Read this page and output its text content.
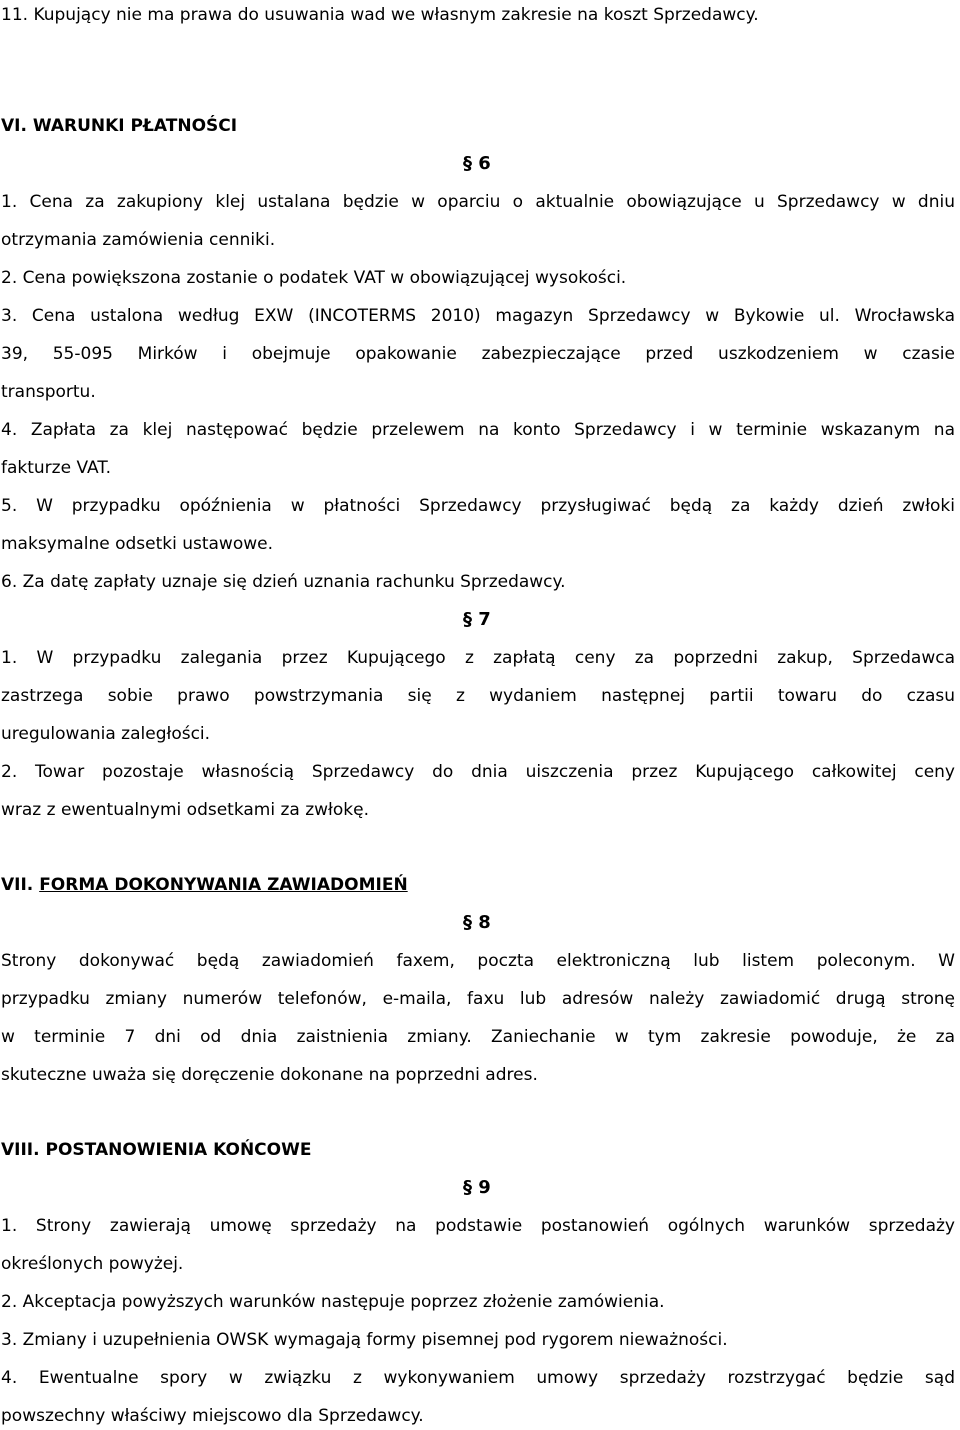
11. Kupujący nie ma prawa do usuwania wad we własnym zakresie na koszt Sprzedawcy.
VI. WARUNKI PŁATNOŚCI
§ 6
1. Cena za zakupiony klej ustalana będzie w oparciu o aktualnie obowiązujące u Sprzedawcy w dniu
otrzymania zamówienia cenniki.
2. Cena powiększona zostanie o podatek VAT w obowiązującej wysokości.
3. Cena ustalona według EXW (INCOTERMS 2010) magazyn Sprzedawcy w Bykowie ul. Wrocławska
39, 55-095 Mirków i obejmuje opakowanie zabezpieczające przed uszkodzeniem w czasie
transportu.
4. Zapłata za klej następować będzie przelewem na konto Sprzedawcy i w terminie wskazanym na
fakturze VAT.
5. W przypadku opóźnienia w płatności Sprzedawcy przysługiwać będą za każdy dzień zwłoki
maksymalne odsetki ustawowe.
6. Za datę zapłaty uznaje się dzień uznania rachunku Sprzedawcy.
§ 7
1. W przypadku zalegania przez Kupującego z zapłatą ceny za poprzedni zakup, Sprzedawca
zastrzega sobie prawo powstrzymania się z wydaniem następnej partii towaru do czasu
uregulowania zaległości.
2. Towar pozostaje własnością Sprzedawcy do dnia uiszczenia przez Kupującego całkowitej ceny
wraz z ewentualnymi odsetkami za zwłokę.
VII. FORMA DOKONYWANIA ZAWIADOMIEŃ
§ 8
Strony dokonywać będą zawiadomień faxem, poczta elektroniczną lub listem poleconym. W
przypadku zmiany numerów telefonów, e-maila, faxu lub adresów należy zawiadomić drugą stronę
w terminie 7 dni od dnia zaistnienia zmiany. Zaniechanie w tym zakresie powoduje, że za
skuteczne uważa się doręczenie dokonane na poprzedni adres.
VIII. POSTANOWIENIA KOŃCOWE
§ 9
1. Strony zawierają umowę sprzedaży na podstawie postanowień ogólnych warunków sprzedaży
określonych powyżej.
2. Akceptacja powyższych warunków następuje poprzez złożenie zamówienia.
3. Zmiany i uzupełnienia OWSK wymagają formy pisemnej pod rygorem nieważności.
4. Ewentualne spory w związku z wykonywaniem umowy sprzedaży rozstrzygać będzie sąd
powszechny właściwy miejscowo dla Sprzedawcy.
